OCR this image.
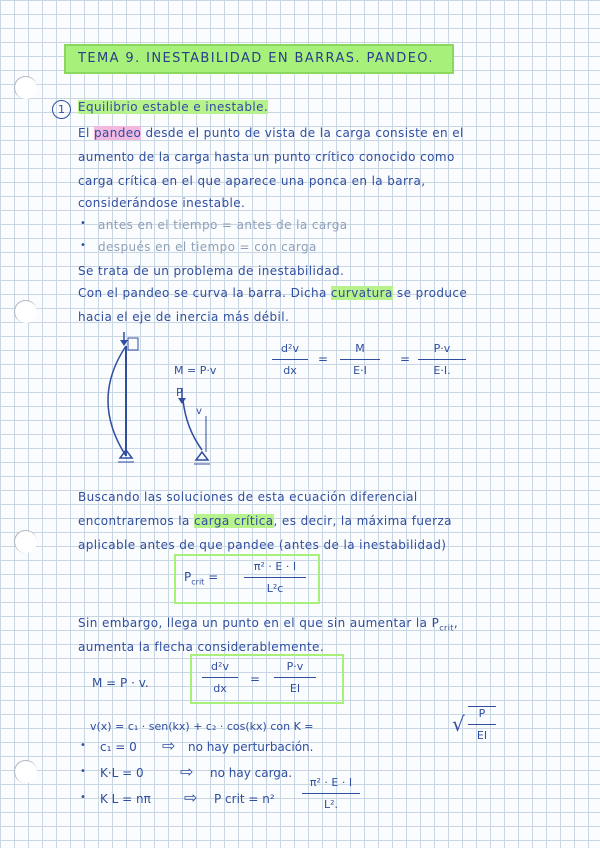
TEMA 9. INESTABILIDAD EN BARRAS. PANDEO.
1	Equilibrio estable e inestable.
El pandeo desde el punto de vista de la carga consiste en el
aumento de la carga hasta un punto crítico conocido como
carga crítica en el que aparece una ponca en la barra,
considerándose inestable.
• antes en el tiempo = antes de la carga
• después en el tiempo = con carga
Se trata de un problema de inestabilidad.
Con el pandeo se curva la barra. Dicha curvatura se produce
hacia el eje de inercia más débil.
M = P·v
P
v
d²v
dx
=
M
E·I
=
P·v
E·I.
Buscando las soluciones de esta ecuación diferencial
encontraremos la carga crítica, es decir, la máxima fuerza
aplicable antes de que pandee (antes de la inestabilidad)
$P_{crit}$ =
π² · E · I
L²c
Sin embargo, llega un punto en el que sin aumentar la $P_{crit}$,
aumenta la flecha considerablemente.
M = P · v.
d²v
dx
=
P·v
EI
v(x) = c₁ · sen(kx) + c₂ · cos(kx) con K =	√	P
EI
• c₁ = 0 ⇨ no hay perturbación.
• K·L = 0 ⇨ no hay carga.
• K L = nπ ⇨ P crit = n²
π² · E · I
L².
